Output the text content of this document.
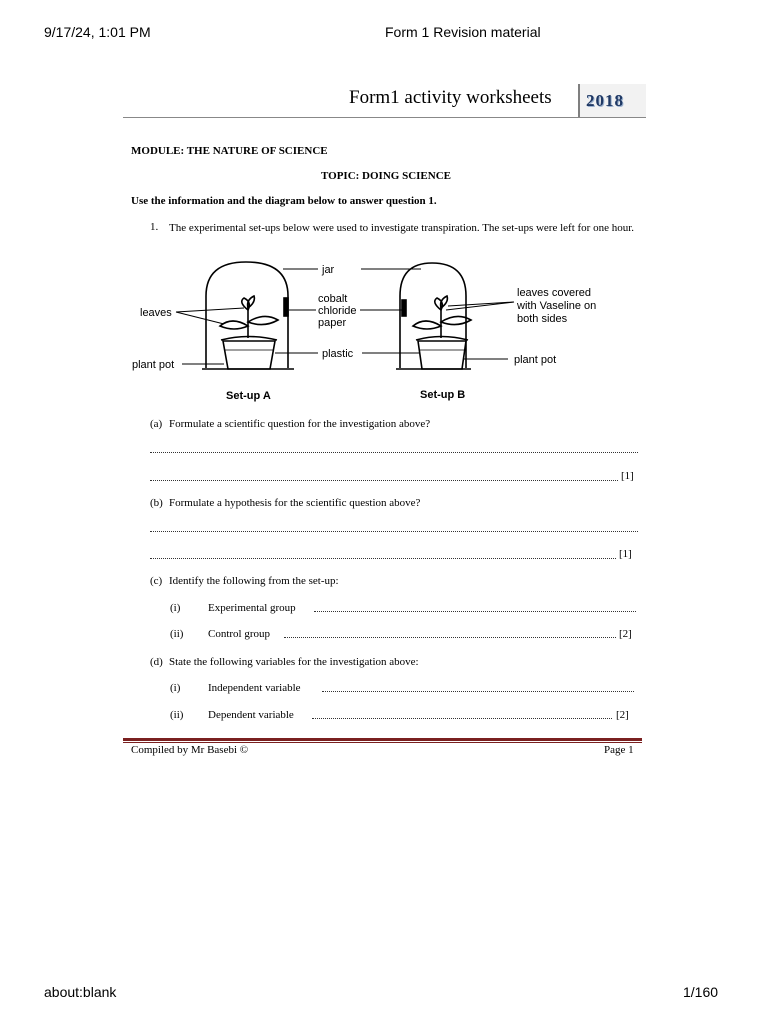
9/17/24, 1:01 PM	Form 1 Revision material
about:blank	1/160
Form1 activity worksheets 2018
MODULE: THE NATURE OF SCIENCE
TOPIC: DOING SCIENCE
Use the information and the diagram below to answer question 1.
1. The experimental set-ups below were used to investigate transpiration. The set-ups were left for one hour.
jar
cobalt
chloride
paper
leaves
plastic
plant pot	plant pot
leaves covered
with Vaseline on
both sides
Set-up A	Set-up B
(a) Formulate a scientific question for the investigation above?
[1]
(b) Formulate a hypothesis for the scientific question above?
[1]
(c) Identify the following from the set-up:
(i)	Experimental group
(ii) Control group	[2]
(d) State the following variables for the investigation above:
(i)	Independent variable
(ii) Dependent variable	[2]
Compiled by Mr Basebi ©	Page 1
